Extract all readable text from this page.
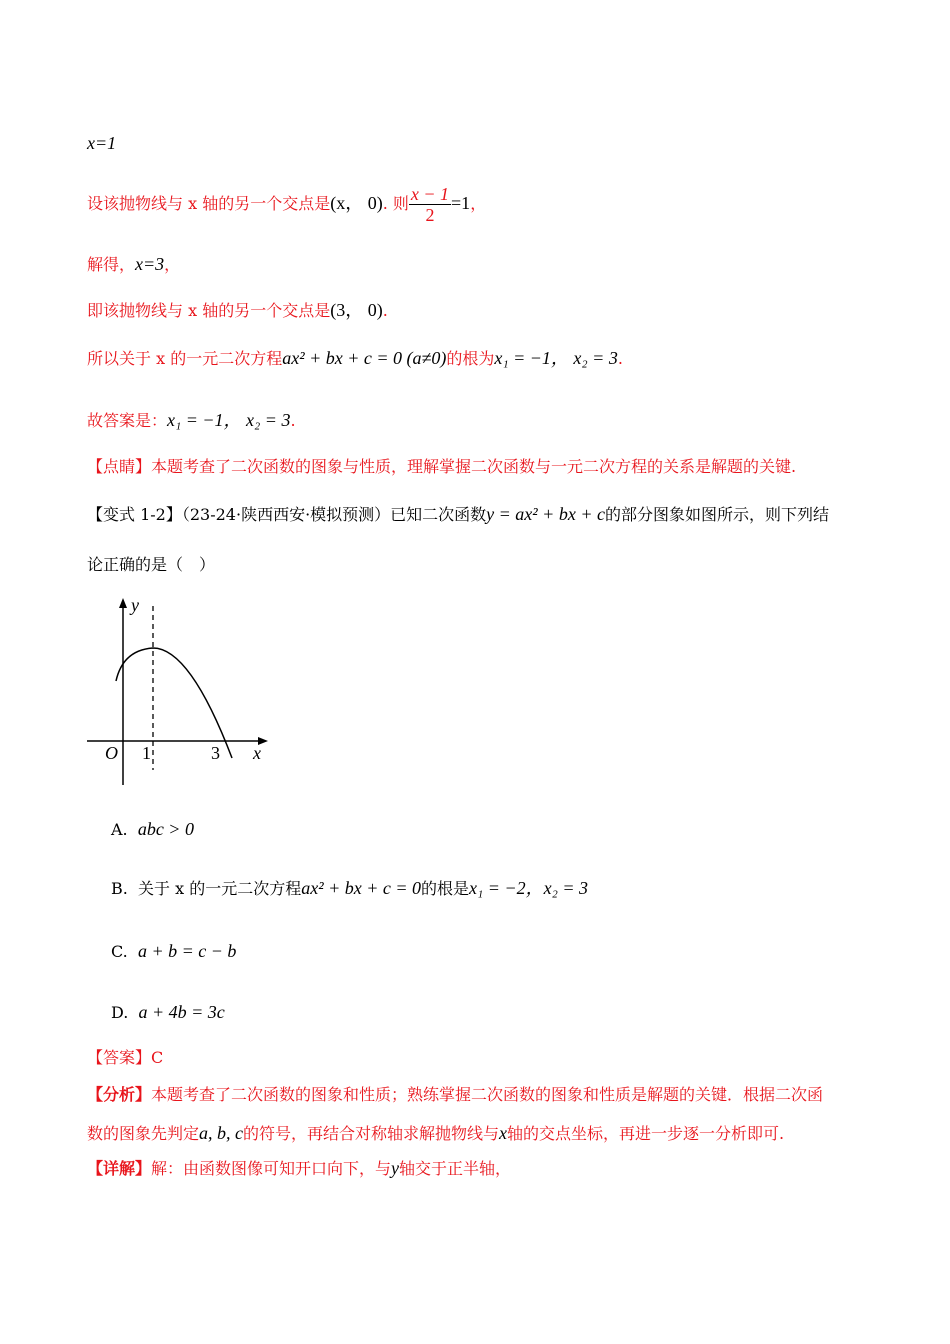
x=1
设该抛物线与 x 轴的另一个交点是(x， 0). 则 $\frac{x - 1}{2} =1$，
解得，x=3，
即该抛物线与 x 轴的另一个交点是(3， 0).
所以关于 x 的一元二次方程ax² + bx + c = 0 (a≠0)的根为x₁ = −1， x₂ = 3.
故答案是：x₁ = −1， x₂ = 3.
【点睛】本题考查了二次函数的图象与性质，理解掌握二次函数与一元二次方程的关系是解题的关键.
【变式 1-2】（23-24·陕西西安·模拟预测）已知二次函数y = ax² + bx + c的部分图象如图所示，则下列结
论正确的是（　）
y
O 1	3 x
A. abc > 0
B. 关于 x 的一元二次方程ax² + bx + c = 0的根是x₁ = −2，x₂ = 3
C. a + b = c − b
D. a + 4b = 3c
【答案】C
【分析】本题考查了二次函数的图象和性质；熟练掌握二次函数的图象和性质是解题的关键．根据二次函
数的图象先判定a, b, c的符号，再结合对称轴求解抛物线与x轴的交点坐标，再进一步逐一分析即可.
【详解】解：由函数图像可知开口向下，与y轴交于正半轴，
